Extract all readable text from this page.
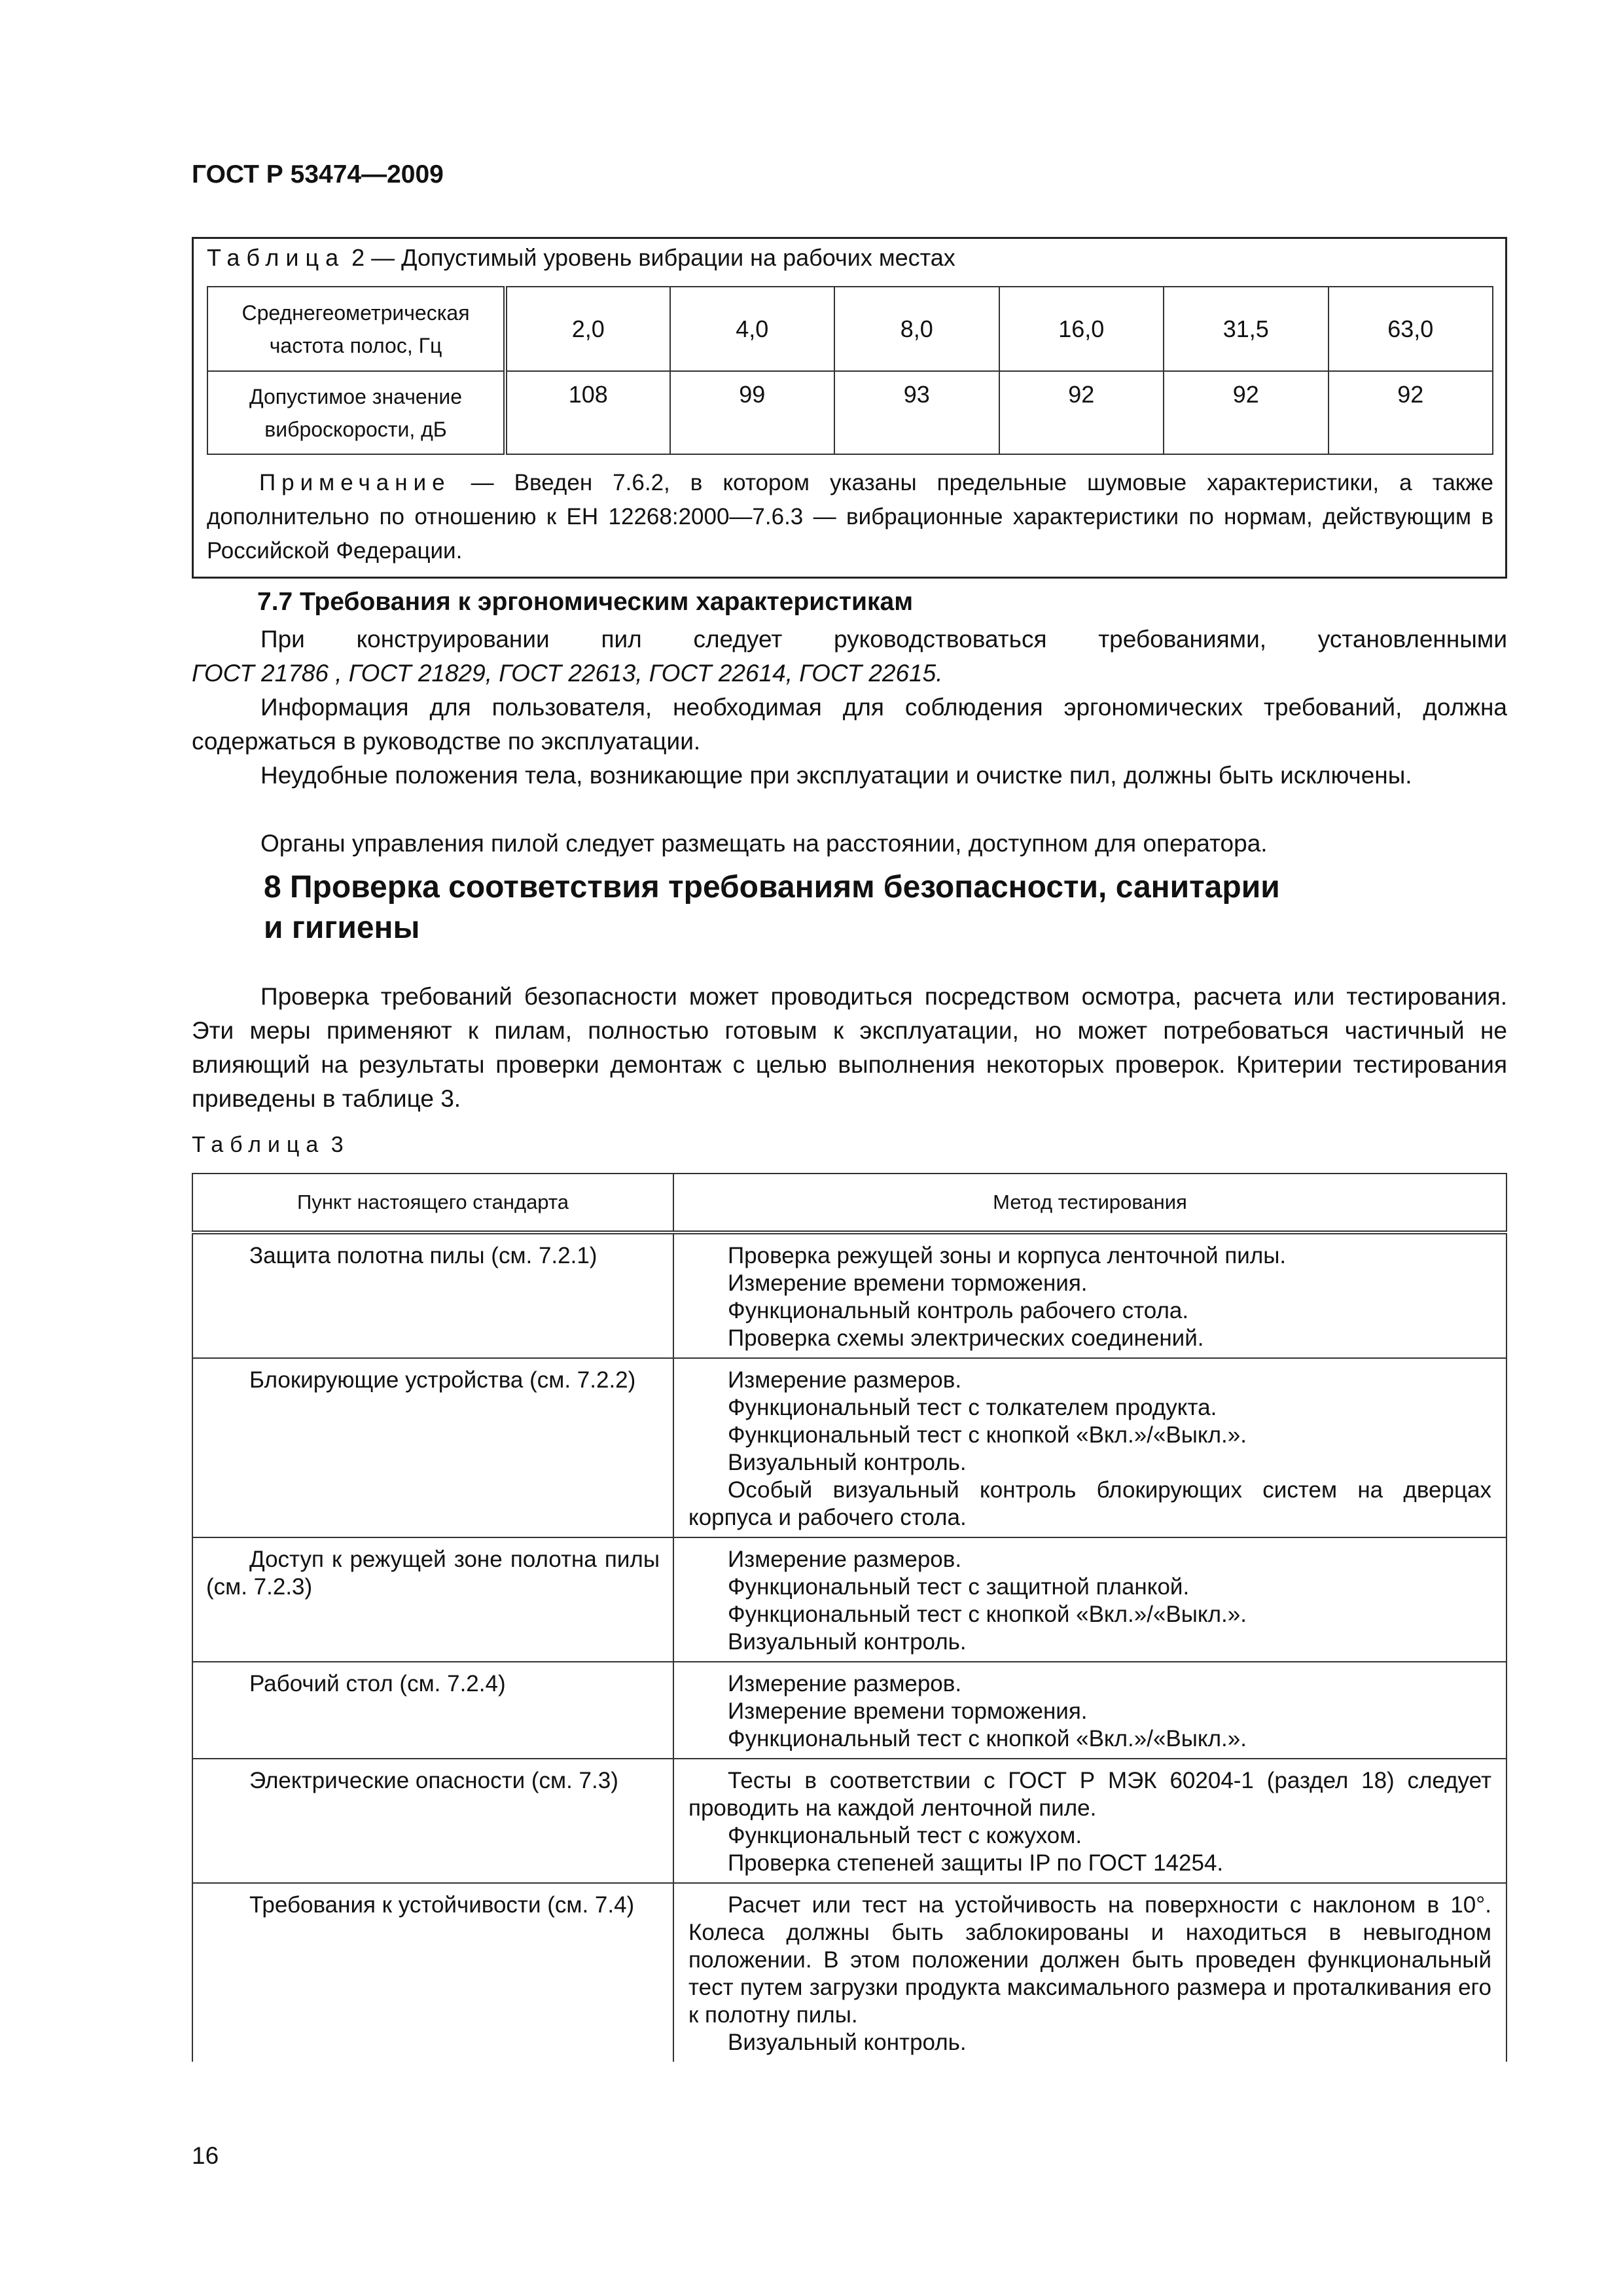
ГОСТ Р 53474—2009
Таблица 2 — Допустимый уровень вибрации на рабочих местах
Среднегеометрическая частота полос, Гц	2,0	4,0	8,0	16,0	31,5	63,0
Допустимое значение виброскорости, дБ	108	99	93	92	92	92
Примечание — Введен 7.6.2, в котором указаны предельные шумовые характеристики, а также дополнительно по отношению к ЕН 12268:2000—7.6.3 — вибрационные характеристики по нормам, действующим в Российской Федерации.
7.7 Требования к эргономическим характеристикам
При конструировании пил следует руководствоваться требованиями, установленными
ГОСТ 21786 , ГОСТ 21829, ГОСТ 22613, ГОСТ 22614, ГОСТ 22615.
Информация для пользователя, необходимая для соблюдения эргономических требований, должна содержаться в руководстве по эксплуатации.
Неудобные положения тела, возникающие при эксплуатации и очистке пил, должны быть исключены.
Органы управления пилой следует размещать на расстоянии, доступном для оператора.
8 Проверка соответствия требованиям безопасности, санитарии
и гигиены
Проверка требований безопасности может проводиться посредством осмотра, расчета или тестирования. Эти меры применяют к пилам, полностью готовым к эксплуатации, но может потребоваться частичный не влияющий на результаты проверки демонтаж с целью выполнения некоторых проверок. Критерии тестирования приведены в таблице 3.
Таблица 3
Пункт настоящего стандарта	Метод тестирования
Защита полотна пилы (см. 7.2.1)	Проверка режущей зоны и корпуса ленточной пилы.
Измерение времени торможения.
Функциональный контроль рабочего стола.
Проверка схемы электрических соединений.

Блокирующие устройства (см. 7.2.2)	Измерение размеров.
Функциональный тест с толкателем продукта.
Функциональный тест с кнопкой «Вкл.»/«Выкл.».
Визуальный контроль.
Особый визуальный контроль блокирующих систем на дверцах корпуса и рабочего стола.

Доступ к режущей зоне полотна пилы (см. 7.2.3)	Измерение размеров.
Функциональный тест с защитной планкой.
Функциональный тест с кнопкой «Вкл.»/«Выкл.».
Визуальный контроль.

Рабочий стол (см. 7.2.4)	Измерение размеров.
Измерение времени торможения.
Функциональный тест с кнопкой «Вкл.»/«Выкл.».

Электрические опасности (см. 7.3)	Тесты в соответствии с ГОСТ Р МЭК 60204-1 (раздел 18) следует проводить на каждой ленточной пиле.
Функциональный тест с кожухом.
Проверка степеней защиты IP по ГОСТ 14254.

Требования к устойчивости (см. 7.4)	Расчет или тест на устойчивость на поверхности с наклоном в 10°. Колеса должны быть заблокированы и находиться в невыгодном положении. В этом положении должен быть проведен функциональный тест путем загрузки продукта максимального размера и проталкивания его к полотну пилы.
Визуальный контроль.
16
